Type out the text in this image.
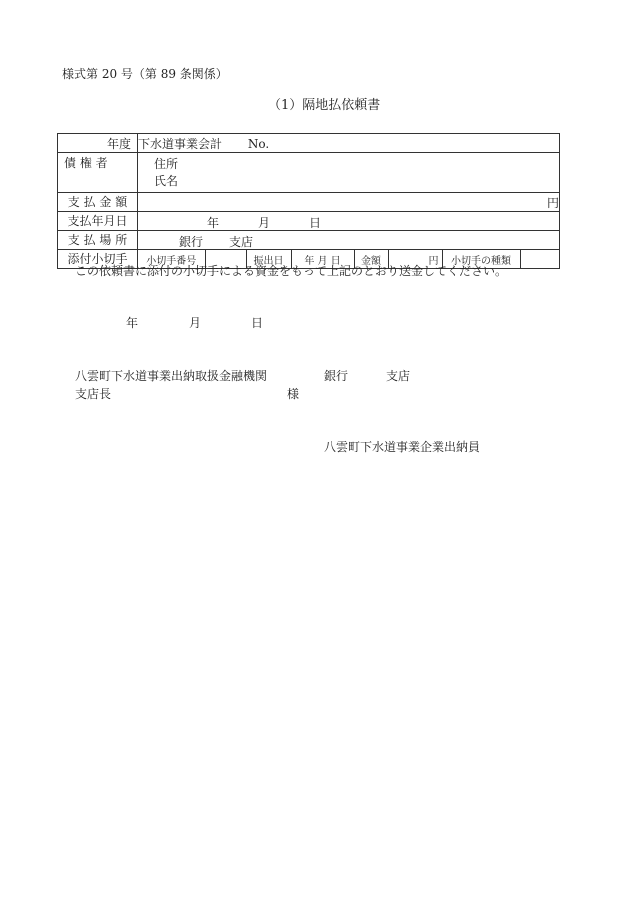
様式第 20 号（第 89 条関係）
（1）隔地払依頼書
年度	下水道事業会計 No.

債 権 者	住所
氏名

支 払 金 額	円
支払年月日	年	月	日

支 払 場 所	銀行 支店

添付小切手	小切手番号		振出日	年 月 日	金額	円	小切手の種類	
この依頼書に添付の小切手による資金をもって上記のとおり送金してください。
年	月	日
八雲町下水道事業出納取扱金融機関	銀行	支店
支店長	様
八雲町下水道事業企業出納員
